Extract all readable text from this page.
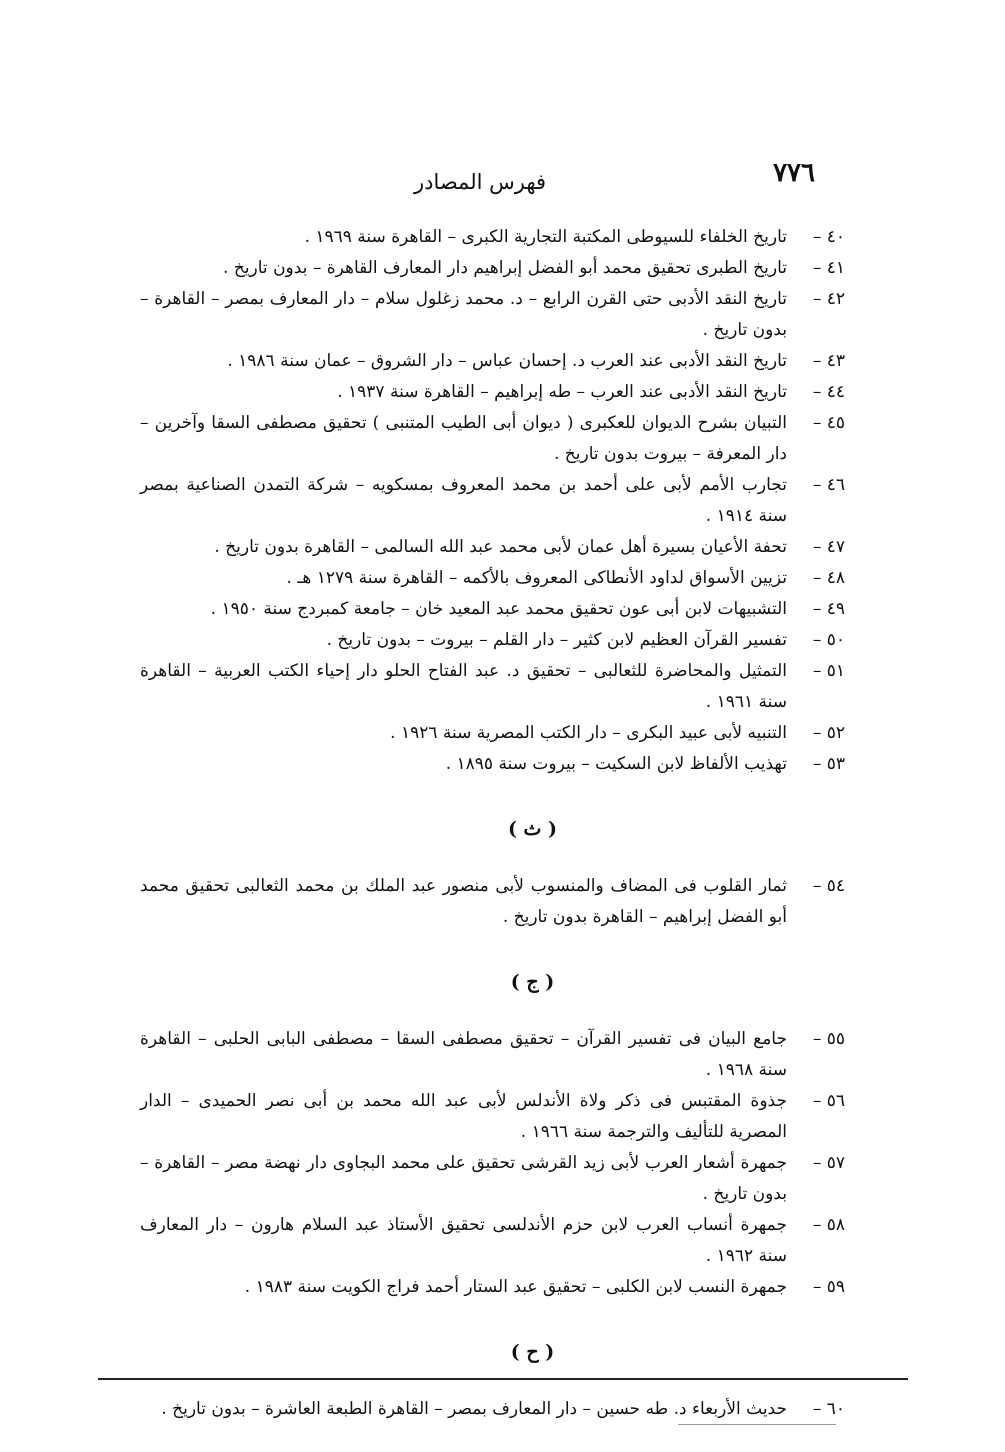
٧٧٦
فهرس المصادر
٤٠ –
تاريخ الخلفاء للسيوطى المكتبة التجارية الكبرى – القاهرة سنة ١٩٦٩ .
٤١ –
تاريخ الطبرى تحقيق محمد أبو الفضل إبراهيم دار المعارف القاهرة – بدون تاريخ .
٤٢ –
تاريخ النقد الأدبى حتى القرن الرابع – د. محمد زغلول سلام – دار المعارف بمصر – القاهرة – بدون تاريخ .
٤٣ –
تاريخ النقد الأدبى عند العرب د. إحسان عباس – دار الشروق – عمان سنة ١٩٨٦ .
٤٤ –
تاريخ النقد الأدبى عند العرب – طه إبراهيم – القاهرة سنة ١٩٣٧ .
٤٥ –
التبيان بشرح الديوان للعكبرى ( ديوان أبى الطيب المتنبى ) تحقيق مصطفى السقا وآخرين – دار المعرفة – بيروت بدون تاريخ .
٤٦ –
تجارب الأمم لأبى على أحمد بن محمد المعروف بمسكويه – شركة التمدن الصناعية بمصر سنة ١٩١٤ .
٤٧ –
تحفة الأعيان بسيرة أهل عمان لأبى محمد عبد الله السالمى – القاهرة بدون تاريخ .
٤٨ –
تزيين الأسواق لداود الأنطاكى المعروف بالأكمه – القاهرة سنة ١٢٧٩ هـ .
٤٩ –
التشبيهات لابن أبى عون تحقيق محمد عبد المعيد خان – جامعة كمبردج سنة ١٩٥٠ .
٥٠ –
تفسير القرآن العظيم لابن كثير – دار القلم – بيروت – بدون تاريخ .
٥١ –
التمثيل والمحاضرة للثعالبى – تحقيق د. عبد الفتاح الحلو دار إحياء الكتب العربية – القاهرة سنة ١٩٦١ .
٥٢ –
التنبيه لأبى عبيد البكرى – دار الكتب المصرية سنة ١٩٢٦ .
٥٣ –
تهذيب الألفاظ لابن السكيت – بيروت سنة ١٨٩٥ .
( ث )
٥٤ –
ثمار القلوب فى المضاف والمنسوب لأبى منصور عبد الملك بن محمد الثعالبى تحقيق محمد أبو الفضل إبراهيم – القاهرة بدون تاريخ .
( ج )
٥٥ –
جامع البيان فى تفسير القرآن – تحقيق مصطفى السقا – مصطفى البابى الحلبى – القاهرة سنة ١٩٦٨ .
٥٦ –
جذوة المقتبس فى ذكر ولاة الأندلس لأبى عبد الله محمد بن أبى نصر الحميدى – الدار المصرية للتأليف والترجمة سنة ١٩٦٦ .
٥٧ –
جمهرة أشعار العرب لأبى زيد القرشى تحقيق على محمد البجاوى دار نهضة مصر – القاهرة – بدون تاريخ .
٥٨ –
جمهرة أنساب العرب لابن حزم الأندلسى تحقيق الأستاذ عبد السلام هارون – دار المعارف سنة ١٩٦٢ .
٥٩ –
جمهرة النسب لابن الكلبى – تحقيق عبد الستار أحمد فراج الكويت سنة ١٩٨٣ .
( ح )
٦٠ –
حديث الأربعاء د. طه حسين – دار المعارف بمصر – القاهرة الطبعة العاشرة – بدون تاريخ .
